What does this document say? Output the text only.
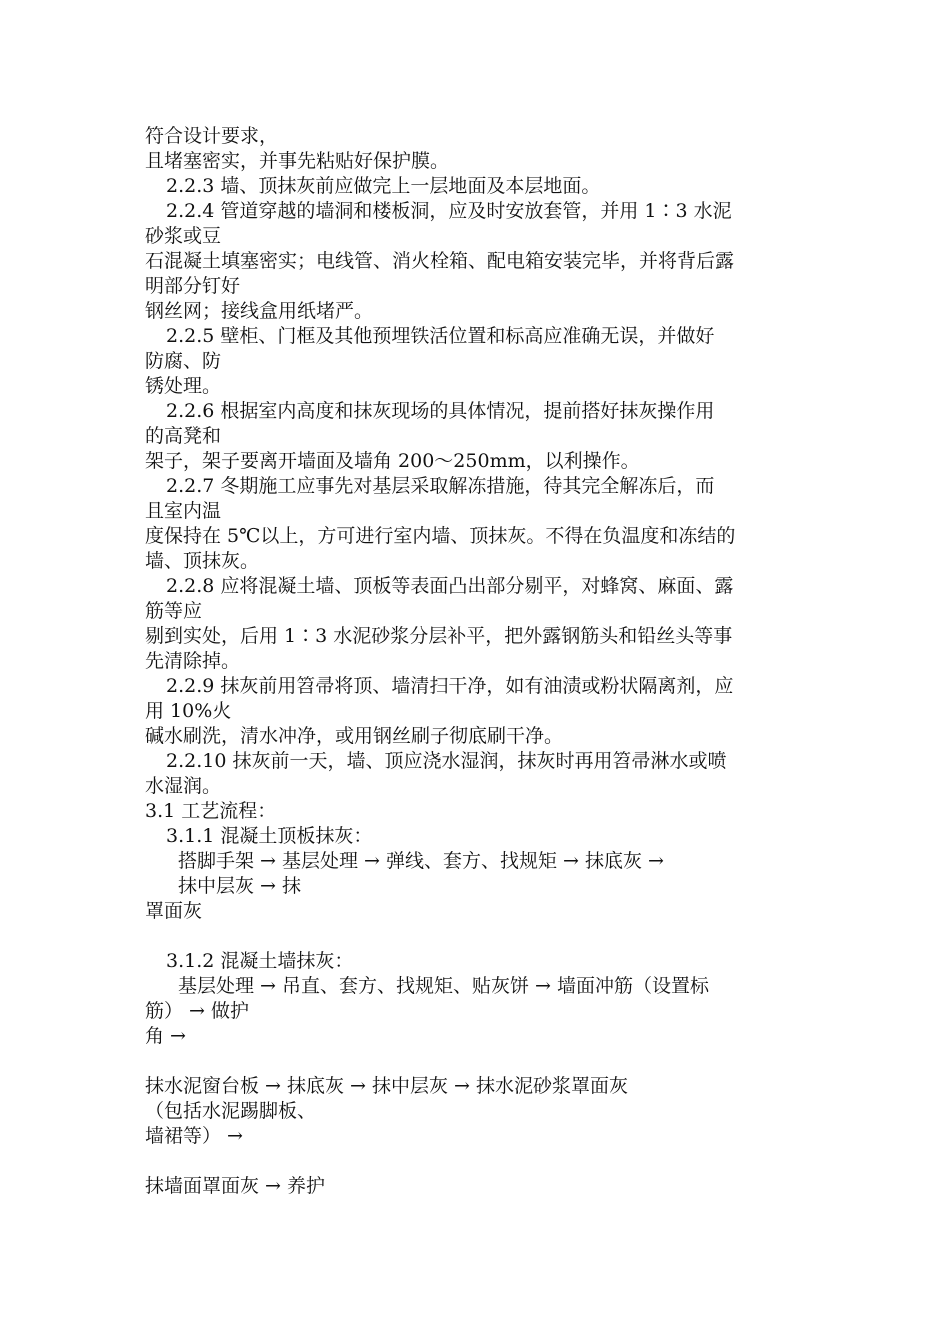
符合设计要求，
且堵塞密实，并事先粘贴好保护膜。
2.2.3 墙、顶抹灰前应做完上一层地面及本层地面。
2.2.4 管道穿越的墙洞和楼板洞，应及时安放套管，并用 1∶3 水泥
砂浆或豆
石混凝土填塞密实；电线管、消火栓箱、配电箱安装完毕，并将背后露
明部分钉好
钢丝网；接线盒用纸堵严。
2.2.5 壁柜、门框及其他预埋铁活位置和标高应准确无误，并做好
防腐、防
锈处理。
2.2.6 根据室内高度和抹灰现场的具体情况，提前搭好抹灰操作用
的高凳和
架子，架子要离开墙面及墙角 200～250mm，以利操作。
2.2.7 冬期施工应事先对基层采取解冻措施，待其完全解冻后，而
且室内温
度保持在 5℃以上，方可进行室内墙、顶抹灰。不得在负温度和冻结的
墙、顶抹灰。
2.2.8 应将混凝土墙、顶板等表面凸出部分剔平，对蜂窝、麻面、露
筋等应
剔到实处，后用 1∶3 水泥砂浆分层补平，把外露钢筋头和铅丝头等事
先清除掉。
2.2.9 抹灰前用笤帚将顶、墙清扫干净，如有油渍或粉状隔离剂，应
用 10%火
碱水刷洗，清水冲净，或用钢丝刷子彻底刷干净。
2.2.10 抹灰前一天，墙、顶应浇水湿润，抹灰时再用笤帚淋水或喷
水湿润。
3.1 工艺流程：
3.1.1 混凝土顶板抹灰：
搭脚手架 → 基层处理 → 弹线、套方、找规矩 → 抹底灰 →
抹中层灰 → 抹
罩面灰
3.1.2 混凝土墙抹灰：
基层处理 → 吊直、套方、找规矩、贴灰饼 → 墙面冲筋（设置标
筋） → 做护
角 →
抹水泥窗台板 → 抹底灰 → 抹中层灰 → 抹水泥砂浆罩面灰
（包括水泥踢脚板、
墙裙等） →
抹墙面罩面灰 → 养护
